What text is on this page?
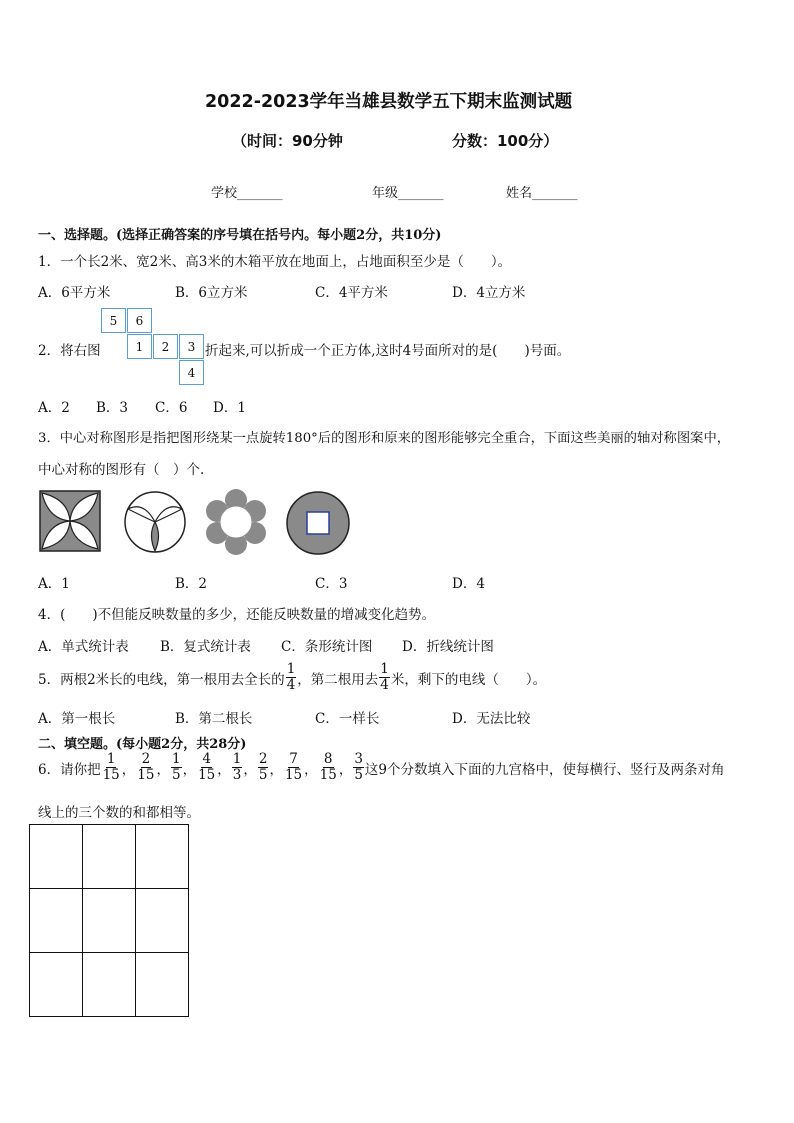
2022-2023学年当雄县数学五下期末监测试题
（时间：90分钟	分数：100分）
学校_______	年级_______	姓名_______
一、选择题。(选择正确答案的序号填在括号内。每小题2分，共10分)
1．一个长2米、宽2米、高3米的木箱平放在地面上，占地面积至少是（　　）。
A．6平方米	B．6立方米	C．4平方米	D．4立方米
2．将右图
5	6
1	2	3
4
折起来,可以折成一个正方体,这时4号面所对的是(　　)号面。
A．2 B．3 C．6 D．1
3．中心对称图形是指把图形绕某一点旋转180°后的图形和原来的图形能够完全重合，下面这些美丽的轴对称图案中，
中心对称的图形有（　）个.
A．1	B．2	C．3	D．4
4．(　　)不但能反映数量的多少，还能反映数量的增减变化趋势。
A．单式统计表 B．复式统计表 C．条形统计图 D．折线统计图
5．两根2米长的电线，第一根用去全长的 $\frac{1}{4}$ ，第二根用去 $\frac{1}{4}$ 米，剩下的电线（　　）。
A．第一根长	B．第二根长	C．一样长	D．无法比较
二、填空题。(每小题2分，共28分)
6．请你把 $\frac{1}{15}$ ， $\frac{2}{15}$ ， $\frac{1}{5}$ ， $\frac{4}{15}$ ， $\frac{1}{3}$ ， $\frac{2}{5}$ ， $\frac{7}{15}$ ， $\frac{8}{15}$ ， $\frac{3}{5}$ 这9个分数填入下面的九宫格中，使每横行、竖行及两条对角
线上的三个数的和都相等。
